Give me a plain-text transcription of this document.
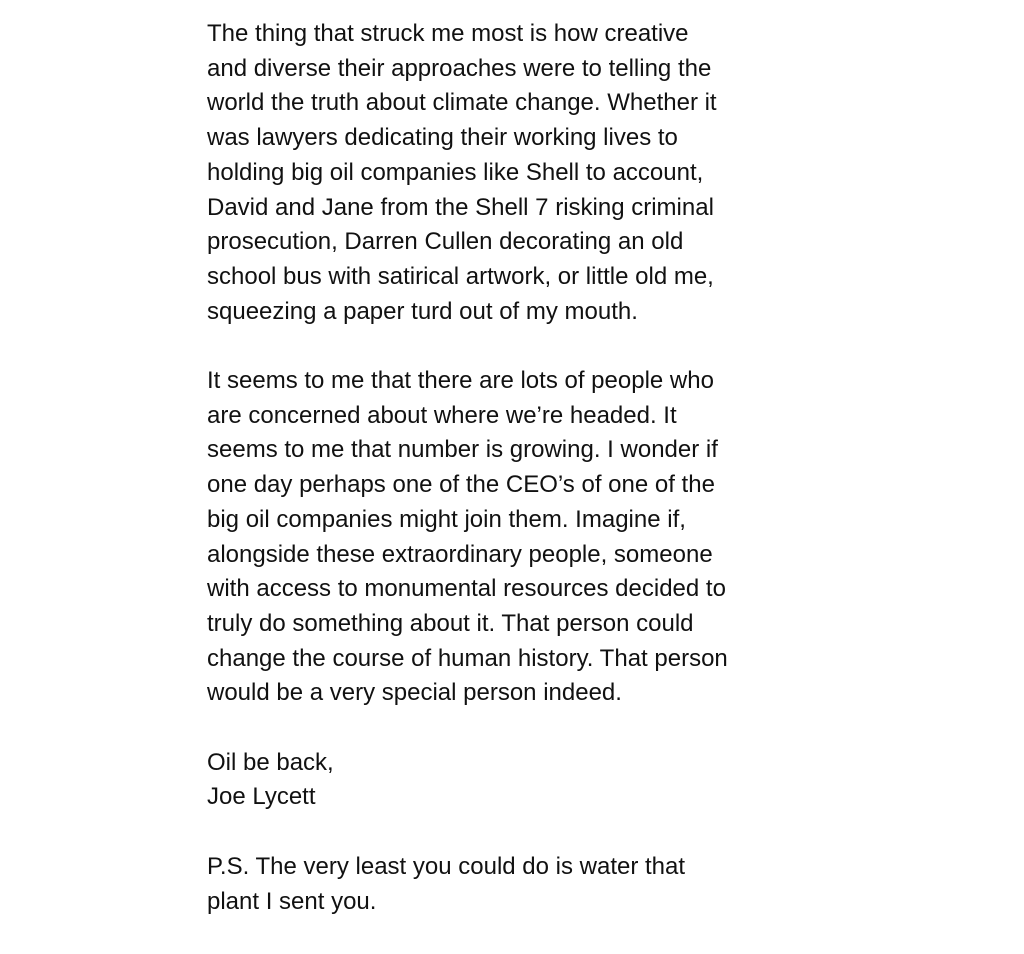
The thing that struck me most is how creative
and diverse their approaches were to telling the
world the truth about climate change. Whether it
was lawyers dedicating their working lives to
holding big oil companies like Shell to account,
David and Jane from the Shell 7 risking criminal
prosecution, Darren Cullen decorating an old
school bus with satirical artwork, or little old me,
squeezing a paper turd out of my mouth.

It seems to me that there are lots of people who
are concerned about where we’re headed. It
seems to me that number is growing. I wonder if
one day perhaps one of the CEO’s of one of the
big oil companies might join them. Imagine if,
alongside these extraordinary people, someone
with access to monumental resources decided to
truly do something about it. That person could
change the course of human history. That person
would be a very special person indeed.

Oil be back,
Joe Lycett

P.S. The very least you could do is water that
plant I sent you.
